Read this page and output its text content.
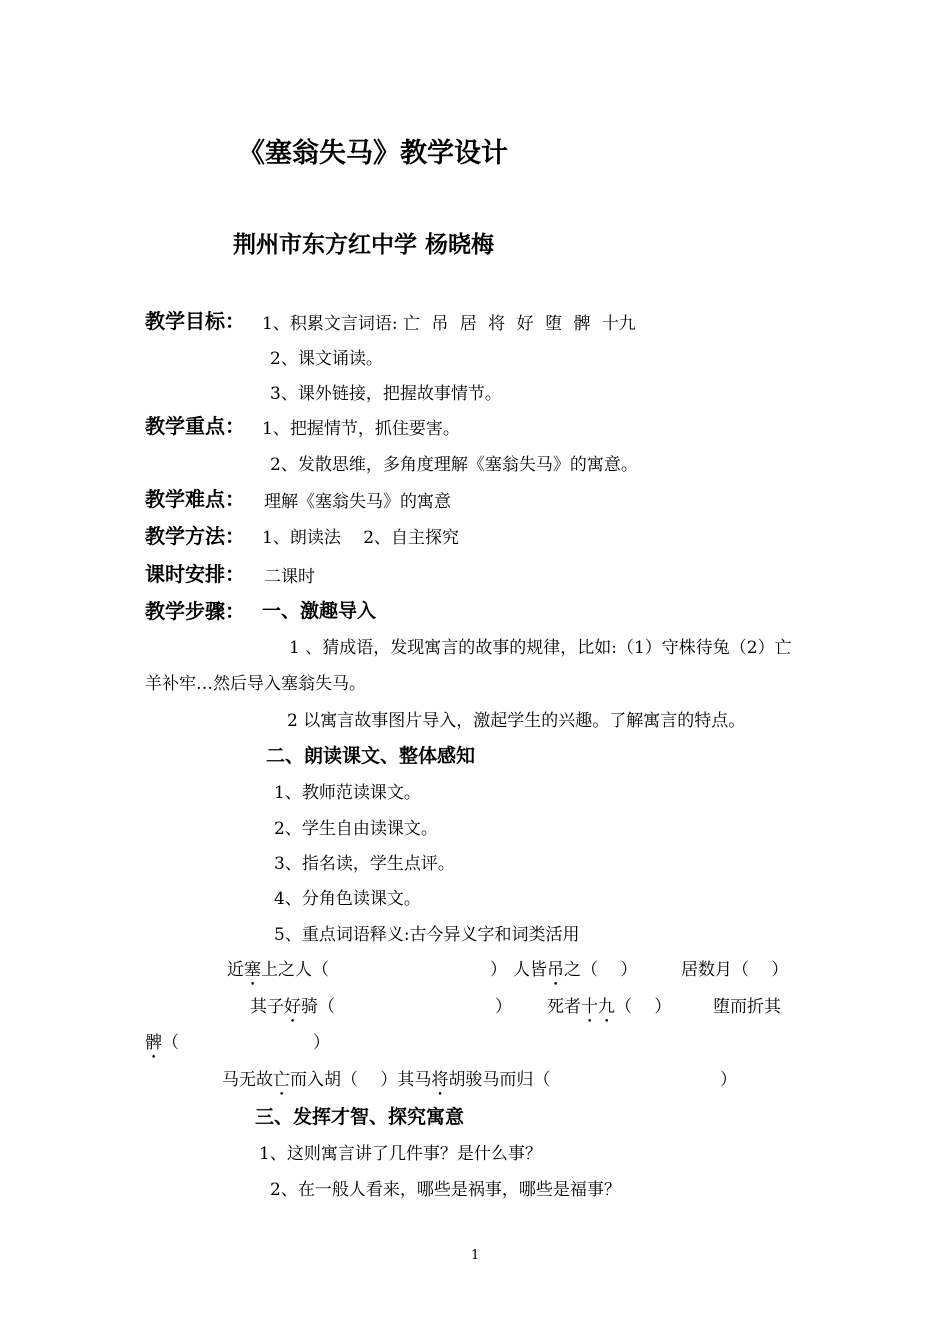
《塞翁失马》教学设计
荆州市东方红中学 杨晓梅
教学目标： 1、积累文言词语: 亡 吊 居 将 好 堕 髀 十九
2、课文诵读。
3、课外链接，把握故事情节。
教学重点： 1、把握情节，抓住要害。
2、发散思维，多角度理解《塞翁失马》的寓意。
教学难点： 理解《塞翁失马》的寓意
教学方法： 1、朗读法　 2、自主探究
课时安排： 二课时
教学步骤： 一、激趣导入
1 、猜成语，发现寓言的故事的规律，比如:（1）守株待兔（2）亡
羊补牢…然后导入塞翁失马。
2 以寓言故事图片导入，激起学生的兴趣。了解寓言的特点。
二、朗读课文、整体感知
1、教师范读课文。
2、学生自由读课文。
3、指名读，学生点评。
4、分角色读课文。
5、重点词语释义:古今异义字和词类活用
近塞上之人（	） 人皆吊之（　 ）	居数月（　 ）
其子好骑（	） 死者十九（　 ） 堕而折其
髀（	）
马无故亡而入胡（　 ）其马将胡骏马而归（	）
三、发挥才智、探究寓意
1、这则寓言讲了几件事？是什么事？
2、在一般人看来，哪些是祸事，哪些是福事？
1
